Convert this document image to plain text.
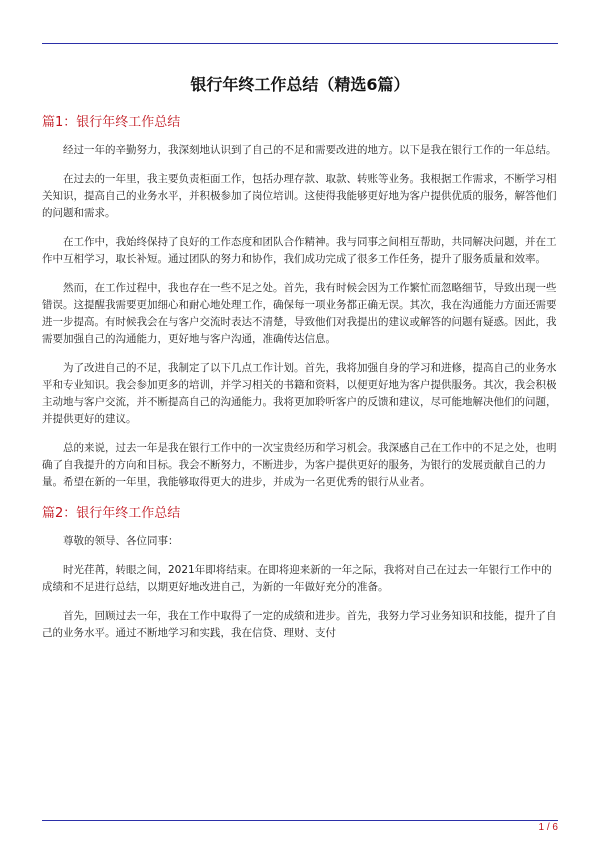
银行年终工作总结（精选6篇）
篇1：银行年终工作总结

经过一年的辛勤努力，我深刻地认识到了自己的不足和需要改进的地方。以下是我在银行工作的一年总结。

在过去的一年里，我主要负责柜面工作，包括办理存款、取款、转账等业务。我根据工作需求，不断学习相关知识，提高自己的业务水平，并积极参加了岗位培训。这使得我能够更好地为客户提供优质的服务，解答他们的问题和需求。

在工作中，我始终保持了良好的工作态度和团队合作精神。我与同事之间相互帮助，共同解决问题，并在工作中互相学习，取长补短。通过团队的努力和协作，我们成功完成了很多工作任务，提升了服务质量和效率。

然而，在工作过程中，我也存在一些不足之处。首先，我有时候会因为工作繁忙而忽略细节，导致出现一些错误。这提醒我需要更加细心和耐心地处理工作，确保每一项业务都正确无误。其次，我在沟通能力方面还需要进一步提高。有时候我会在与客户交流时表达不清楚，导致他们对我提出的建议或解答的问题有疑惑。因此，我需要加强自己的沟通能力，更好地与客户沟通，准确传达信息。

为了改进自己的不足，我制定了以下几点工作计划。首先，我将加强自身的学习和进修，提高自己的业务水平和专业知识。我会参加更多的培训，并学习相关的书籍和资料，以便更好地为客户提供服务。其次，我会积极主动地与客户交流，并不断提高自己的沟通能力。我将更加聆听客户的反馈和建议，尽可能地解决他们的问题，并提供更好的建议。

总的来说，过去一年是我在银行工作中的一次宝贵经历和学习机会。我深感自己在工作中的不足之处，也明确了自我提升的方向和目标。我会不断努力，不断进步，为客户提供更好的服务，为银行的发展贡献自己的力量。希望在新的一年里，我能够取得更大的进步，并成为一名更优秀的银行从业者。

篇2：银行年终工作总结

尊敬的领导、各位同事：

时光荏苒，转眼之间，2021年即将结束。在即将迎来新的一年之际，我将对自己在过去一年银行工作中的成绩和不足进行总结，以期更好地改进自己，为新的一年做好充分的准备。

首先，回顾过去一年，我在工作中取得了一定的成绩和进步。首先，我努力学习业务知识和技能，提升了自己的业务水平。通过不断地学习和实践，我在信贷、理财、支付

1 / 6
